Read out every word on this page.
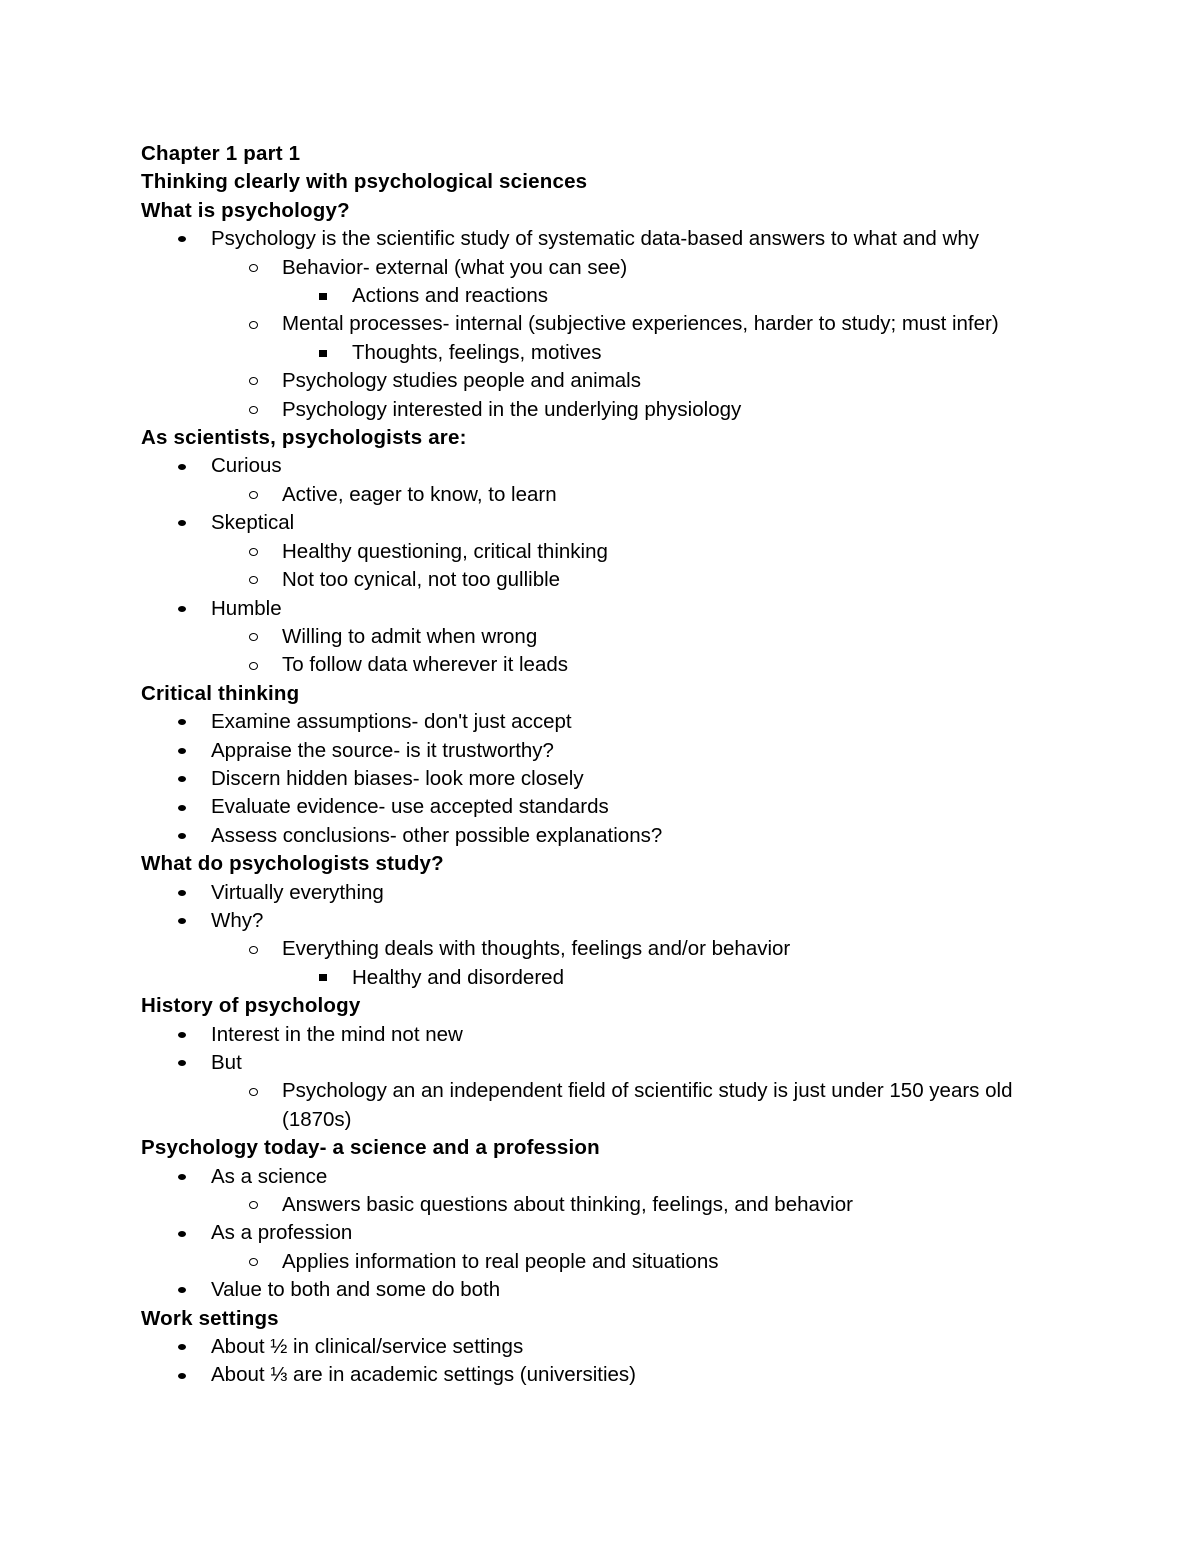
Chapter 1 part 1
Thinking clearly with psychological sciences
What is psychology?
Psychology is the scientific study of systematic data-based answers to what and why
Behavior- external (what you can see)
Actions and reactions
Mental processes- internal (subjective experiences, harder to study; must infer)
Thoughts, feelings, motives
Psychology studies people and animals
Psychology interested in the underlying physiology
As scientists, psychologists are:
Curious
Active, eager to know, to learn
Skeptical
Healthy questioning, critical thinking
Not too cynical, not too gullible
Humble
Willing to admit when wrong
To follow data wherever it leads
Critical thinking
Examine assumptions- don't just accept
Appraise the source- is it trustworthy?
Discern hidden biases- look more closely
Evaluate evidence- use accepted standards
Assess conclusions- other possible explanations?
What do psychologists study?
Virtually everything
Why?
Everything deals with thoughts, feelings and/or behavior
Healthy and disordered
History of psychology
Interest in the mind not new
But
Psychology an an independent field of scientific study is just under 150 years old (1870s)
Psychology today- a science and a profession
As a science
Answers basic questions about thinking, feelings, and behavior
As a profession
Applies information to real people and situations
Value to both and some do both
Work settings
About ½ in clinical/service settings
About ⅓ are in academic settings (universities)
